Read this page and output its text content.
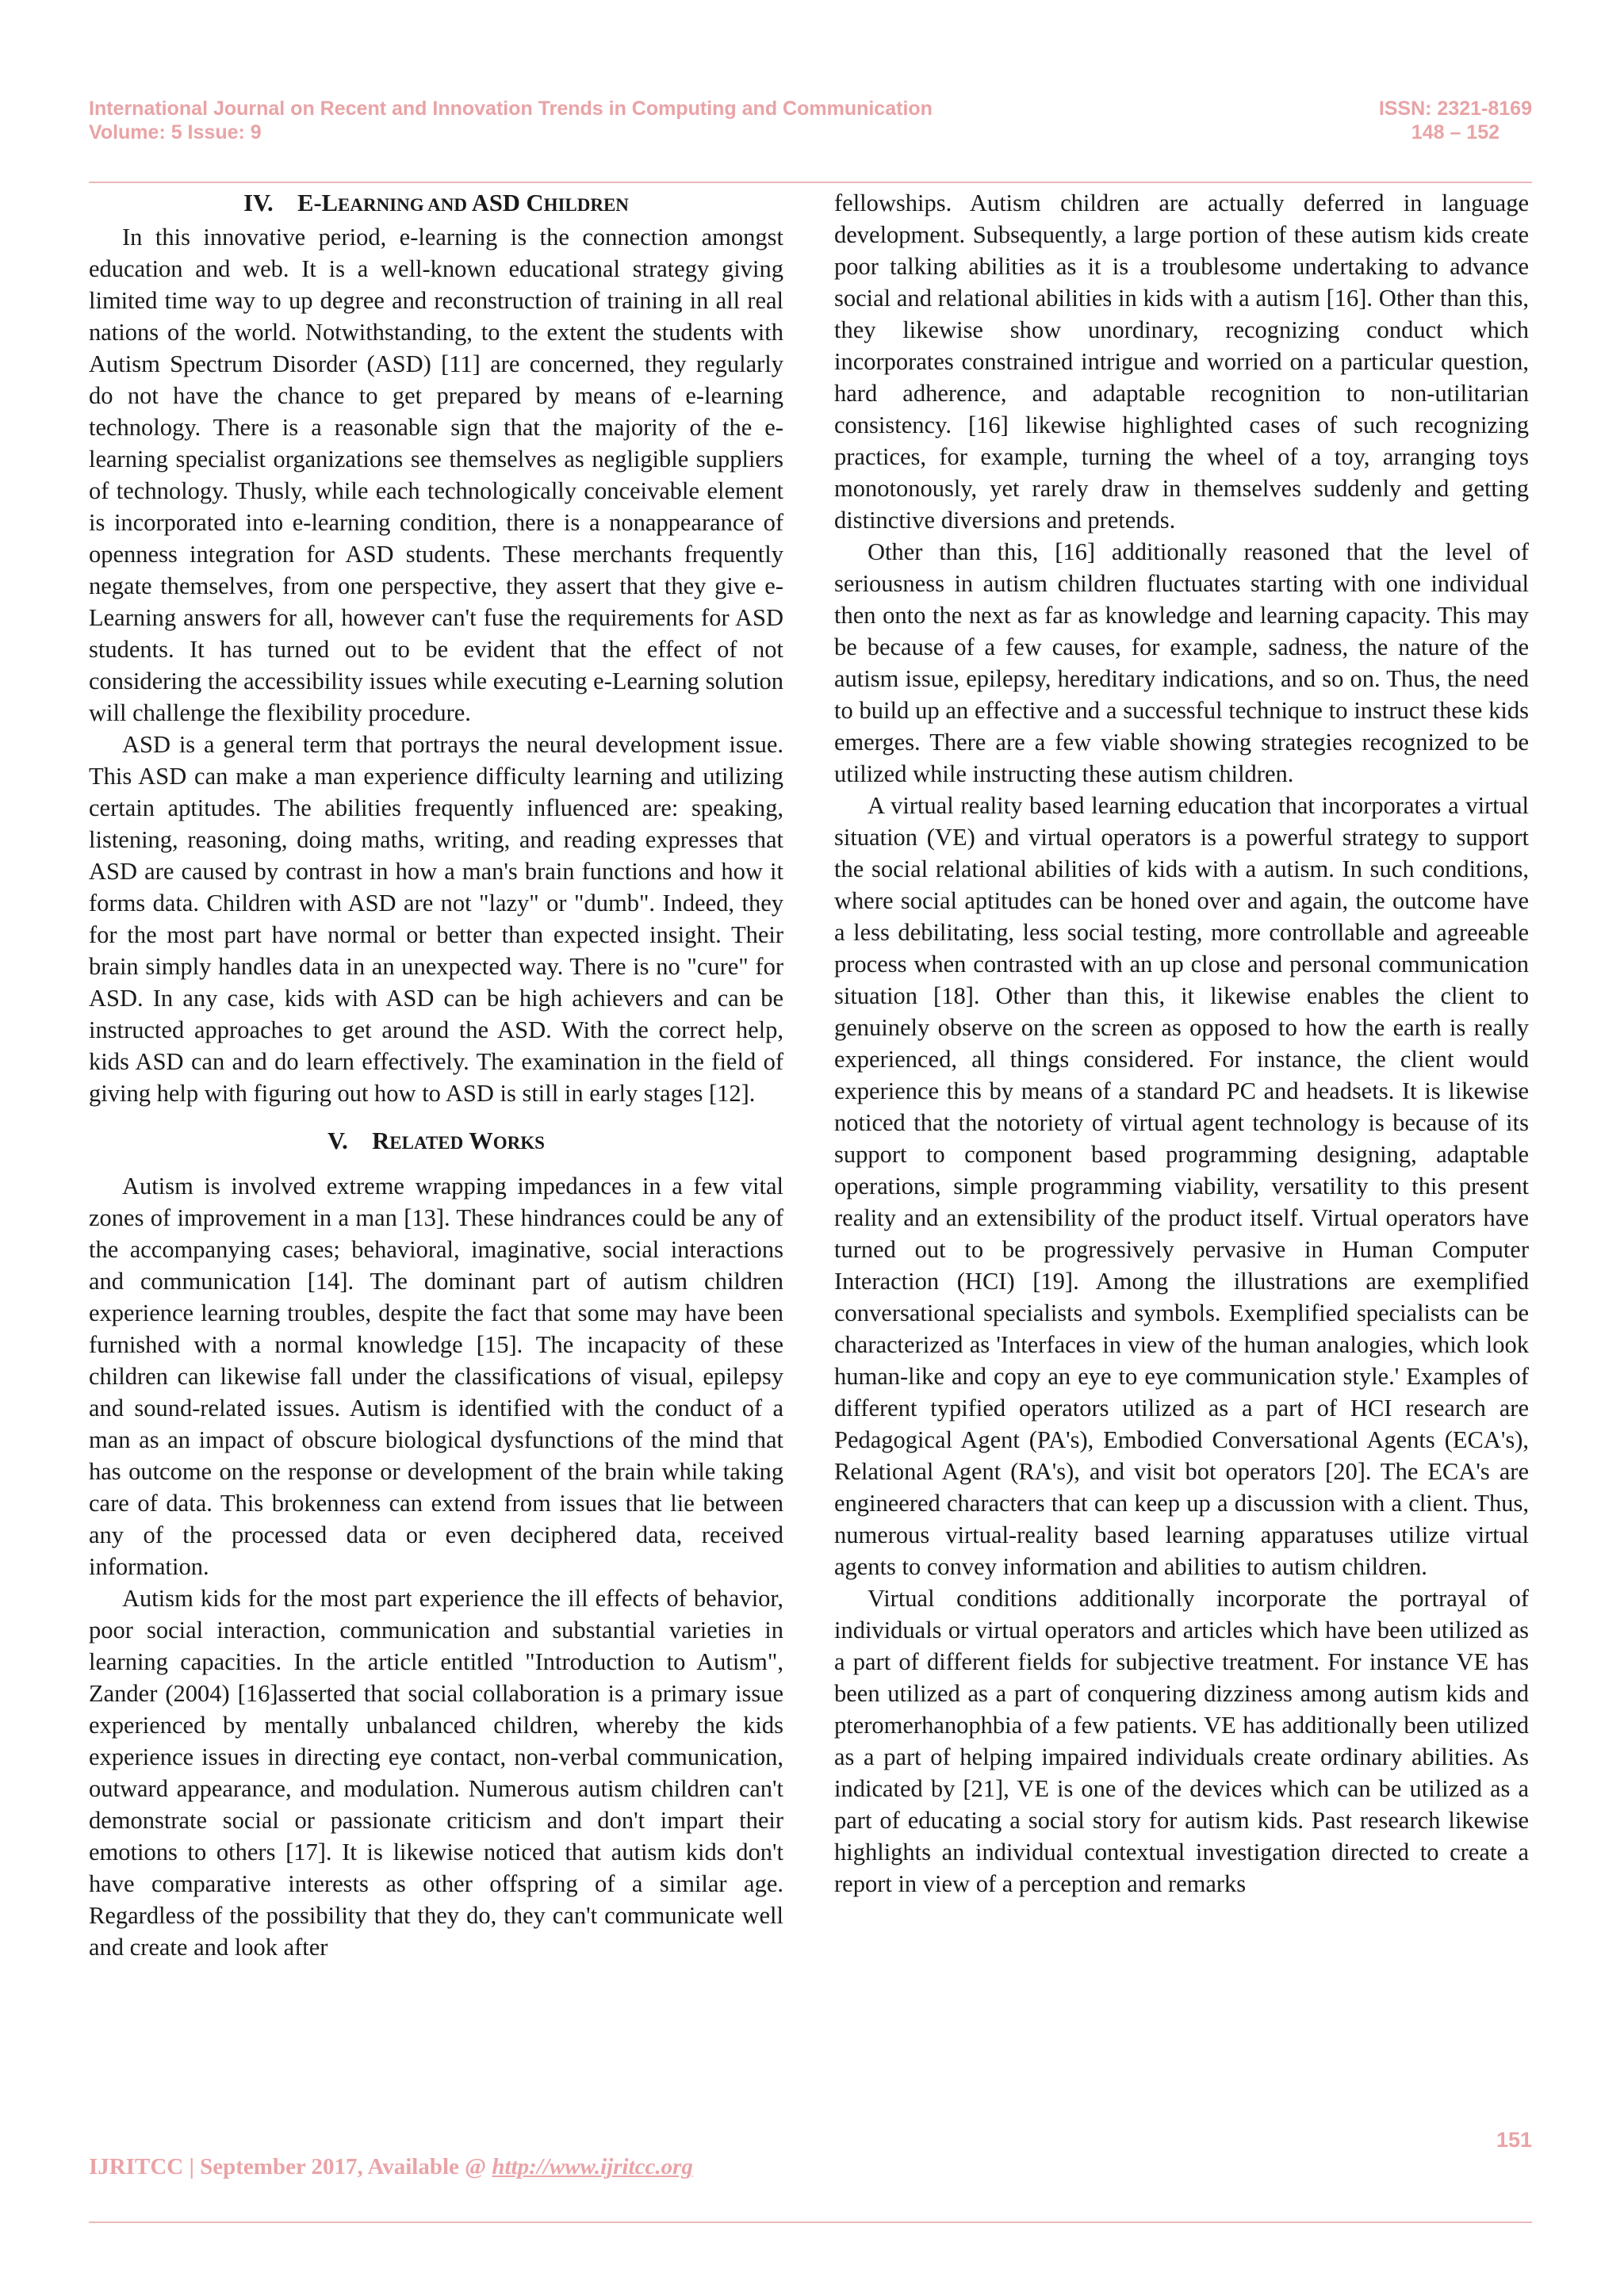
International Journal on Recent and Innovation Trends in Computing and Communication
Volume: 5 Issue: 9
ISSN: 2321-8169
148 – 152
IV. E-LEARNING AND ASD CHILDREN

In this innovative period, e-learning is the connection amongst education and web. It is a well-known educational strategy giving limited time way to up degree and reconstruction of training in all real nations of the world. Notwithstanding, to the extent the students with Autism Spectrum Disorder (ASD) [11] are concerned, they regularly do not have the chance to get prepared by means of e-learning technology. There is a reasonable sign that the majority of the e-learning specialist organizations see themselves as negligible suppliers of technology. Thusly, while each technologically conceivable element is incorporated into e-learning condition, there is a nonappearance of openness integration for ASD students. These merchants frequently negate themselves, from one perspective, they assert that they give e-Learning answers for all, however can't fuse the requirements for ASD students. It has turned out to be evident that the effect of not considering the accessibility issues while executing e-Learning solution will challenge the flexibility procedure.

ASD is a general term that portrays the neural development issue. This ASD can make a man experience difficulty learning and utilizing certain aptitudes. The abilities frequently influenced are: speaking, listening, reasoning, doing maths, writing, and reading expresses that ASD are caused by contrast in how a man's brain functions and how it forms data. Children with ASD are not "lazy" or "dumb". Indeed, they for the most part have normal or better than expected insight. Their brain simply handles data in an unexpected way. There is no "cure" for ASD. In any case, kids with ASD can be high achievers and can be instructed approaches to get around the ASD. With the correct help, kids ASD can and do learn effectively. The examination in the field of giving help with figuring out how to ASD is still in early stages [12].

V. RELATED WORKS

Autism is involved extreme wrapping impedances in a few vital zones of improvement in a man [13]. These hindrances could be any of the accompanying cases; behavioral, imaginative, social interactions and communication [14]. The dominant part of autism children experience learning troubles, despite the fact that some may have been furnished with a normal knowledge [15]. The incapacity of these children can likewise fall under the classifications of visual, epilepsy and sound-related issues. Autism is identified with the conduct of a man as an impact of obscure biological dysfunctions of the mind that has outcome on the response or development of the brain while taking care of data. This brokenness can extend from issues that lie between any of the processed data or even deciphered data, received information.

Autism kids for the most part experience the ill effects of behavior, poor social interaction, communication and substantial varieties in learning capacities. In the article entitled "Introduction to Autism", Zander (2004) [16]asserted that social collaboration is a primary issue experienced by mentally unbalanced children, whereby the kids experience issues in directing eye contact, non-verbal communication, outward appearance, and modulation. Numerous autism children can't demonstrate social or passionate criticism and don't impart their emotions to others [17]. It is likewise noticed that autism kids don't have comparative interests as other offspring of a similar age. Regardless of the possibility that they do, they can't communicate well and create and look after

fellowships. Autism children are actually deferred in language development. Subsequently, a large portion of these autism kids create poor talking abilities as it is a troublesome undertaking to advance social and relational abilities in kids with a autism [16]. Other than this, they likewise show unordinary, recognizing conduct which incorporates constrained intrigue and worried on a particular question, hard adherence, and adaptable recognition to non-utilitarian consistency. [16] likewise highlighted cases of such recognizing practices, for example, turning the wheel of a toy, arranging toys monotonously, yet rarely draw in themselves suddenly and getting distinctive diversions and pretends.

Other than this, [16] additionally reasoned that the level of seriousness in autism children fluctuates starting with one individual then onto the next as far as knowledge and learning capacity. This may be because of a few causes, for example, sadness, the nature of the autism issue, epilepsy, hereditary indications, and so on. Thus, the need to build up an effective and a successful technique to instruct these kids emerges. There are a few viable showing strategies recognized to be utilized while instructing these autism children.

A virtual reality based learning education that incorporates a virtual situation (VE) and virtual operators is a powerful strategy to support the social relational abilities of kids with a autism. In such conditions, where social aptitudes can be honed over and again, the outcome have a less debilitating, less social testing, more controllable and agreeable process when contrasted with an up close and personal communication situation [18]. Other than this, it likewise enables the client to genuinely observe on the screen as opposed to how the earth is really experienced, all things considered. For instance, the client would experience this by means of a standard PC and headsets. It is likewise noticed that the notoriety of virtual agent technology is because of its support to component based programming designing, adaptable operations, simple programming viability, versatility to this present reality and an extensibility of the product itself. Virtual operators have turned out to be progressively pervasive in Human Computer Interaction (HCI) [19]. Among the illustrations are exemplified conversational specialists and symbols. Exemplified specialists can be characterized as 'Interfaces in view of the human analogies, which look human-like and copy an eye to eye communication style.' Examples of different typified operators utilized as a part of HCI research are Pedagogical Agent (PA's), Embodied Conversational Agents (ECA's), Relational Agent (RA's), and visit bot operators [20]. The ECA's are engineered characters that can keep up a discussion with a client. Thus, numerous virtual-reality based learning apparatuses utilize virtual agents to convey information and abilities to autism children.

Virtual conditions additionally incorporate the portrayal of individuals or virtual operators and articles which have been utilized as a part of different fields for subjective treatment. For instance VE has been utilized as a part of conquering dizziness among autism kids and pteromerhanophbia of a few patients. VE has additionally been utilized as a part of helping impaired individuals create ordinary abilities. As indicated by [21], VE is one of the devices which can be utilized as a part of educating a social story for autism kids. Past research likewise highlights an individual contextual investigation directed to create a report in view of a perception and remarks

151
IJRITCC | September 2017, Available @ http://www.ijritcc.org
